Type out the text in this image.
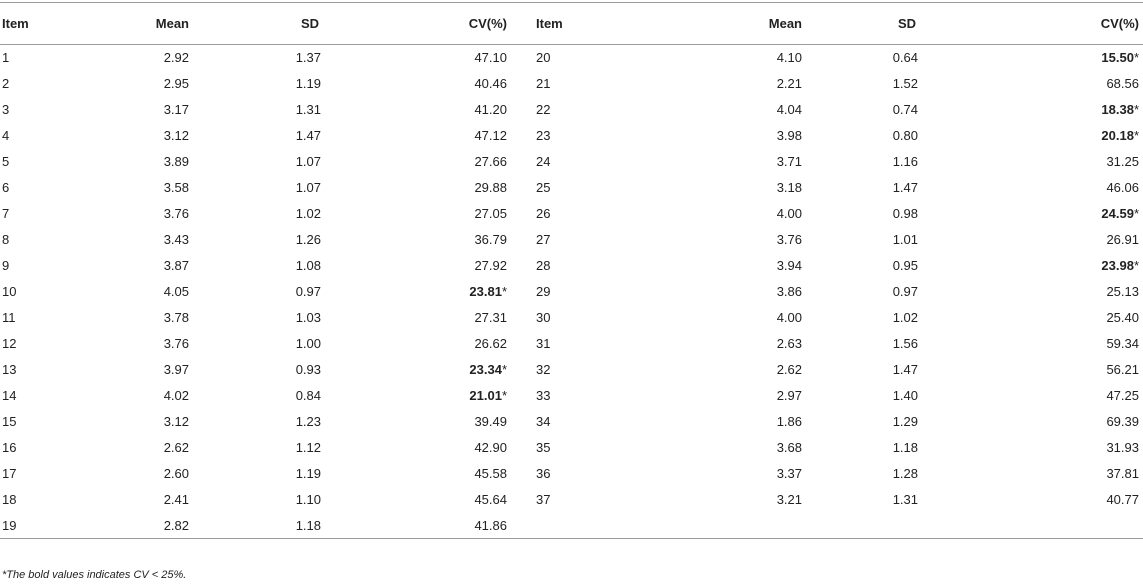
Item	Mean	SD	CV(%)	Item	Mean	SD	CV(%)
1	2.92	1.37	47.10	20	4.10	0.64	15.50*
2	2.95	1.19	40.46	21	2.21	1.52	68.56
3	3.17	1.31	41.20	22	4.04	0.74	18.38*
4	3.12	1.47	47.12	23	3.98	0.80	20.18*
5	3.89	1.07	27.66	24	3.71	1.16	31.25
6	3.58	1.07	29.88	25	3.18	1.47	46.06
7	3.76	1.02	27.05	26	4.00	0.98	24.59*
8	3.43	1.26	36.79	27	3.76	1.01	26.91
9	3.87	1.08	27.92	28	3.94	0.95	23.98*
10	4.05	0.97	23.81*	29	3.86	0.97	25.13
11	3.78	1.03	27.31	30	4.00	1.02	25.40
12	3.76	1.00	26.62	31	2.63	1.56	59.34
13	3.97	0.93	23.34*	32	2.62	1.47	56.21
14	4.02	0.84	21.01*	33	2.97	1.40	47.25
15	3.12	1.23	39.49	34	1.86	1.29	69.39
16	2.62	1.12	42.90	35	3.68	1.18	31.93
17	2.60	1.19	45.58	36	3.37	1.28	37.81
18	2.41	1.10	45.64	37	3.21	1.31	40.77
19	2.82	1.18	41.86				
*The bold values indicates CV < 25%.
